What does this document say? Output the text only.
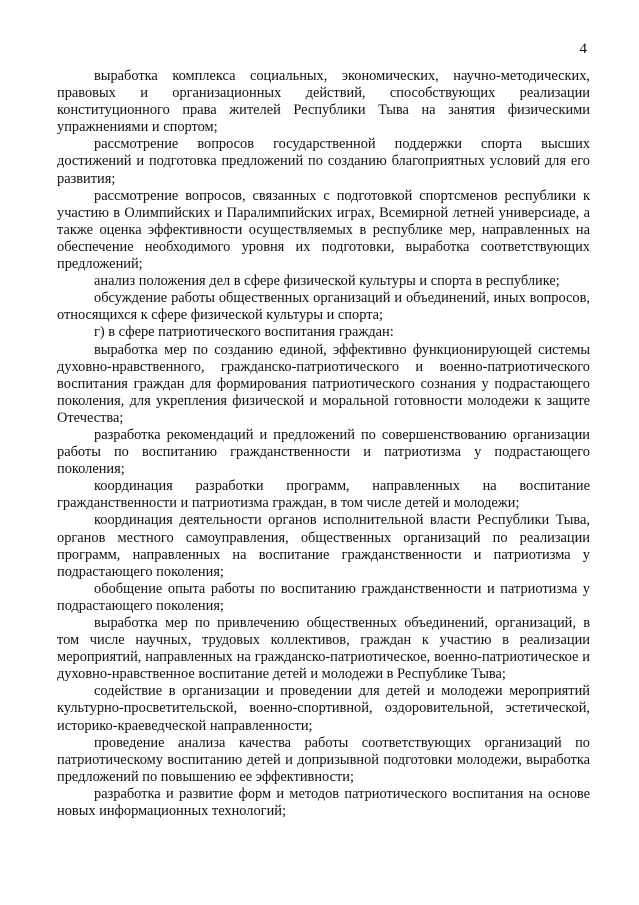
4

выработка комплекса социальных, экономических, научно-методических, правовых и организационных действий, способствующих реализации конституционного права жителей Республики Тыва на занятия физическими упражнениями и спортом;

рассмотрение вопросов государственной поддержки спорта высших достижений и подготовка предложений по созданию благоприятных условий для его развития;

рассмотрение вопросов, связанных с подготовкой спортсменов республики к участию в Олимпийских и Паралимпийских играх, Всемирной летней универсиаде, а также оценка эффективности осуществляемых в республике мер, направленных на обеспечение необходимого уровня их подготовки, выработка соответствующих предложений;

анализ положения дел в сфере физической культуры и спорта в республике;

обсуждение работы общественных организаций и объединений, иных вопросов, относящихся к сфере физической культуры и спорта;

г) в сфере патриотического воспитания граждан:

выработка мер по созданию единой, эффективно функционирующей системы духовно-нравственного, гражданско-патриотического и военно-патриотического воспитания граждан для формирования патриотического сознания у подрастающего поколения, для укрепления физической и моральной готовности молодежи к защите Отечества;

разработка рекомендаций и предложений по совершенствованию организации работы по воспитанию гражданственности и патриотизма у подрастающего поколения;

координация разработки программ, направленных на воспитание гражданственности и патриотизма граждан, в том числе детей и молодежи;

координация деятельности органов исполнительной власти Республики Тыва, органов местного самоуправления, общественных организаций по реализации программ, направленных на воспитание гражданственности и патриотизма у подрастающего поколения;

обобщение опыта работы по воспитанию гражданственности и патриотизма у подрастающего поколения;

выработка мер по привлечению общественных объединений, организаций, в том числе научных, трудовых коллективов, граждан к участию в реализации мероприятий, направленных на гражданско-патриотическое, военно-патриотическое и духовно-нравственное воспитание детей и молодежи в Республике Тыва;

содействие в организации и проведении для детей и молодежи мероприятий культурно-просветительской, военно-спортивной, оздоровительной, эстетической, историко-краеведческой направленности;

проведение анализа качества работы соответствующих организаций по патриотическому воспитанию детей и допризывной подготовки молодежи, выработка предложений по повышению ее эффективности;

разработка и развитие форм и методов патриотического воспитания на основе новых информационных технологий;
